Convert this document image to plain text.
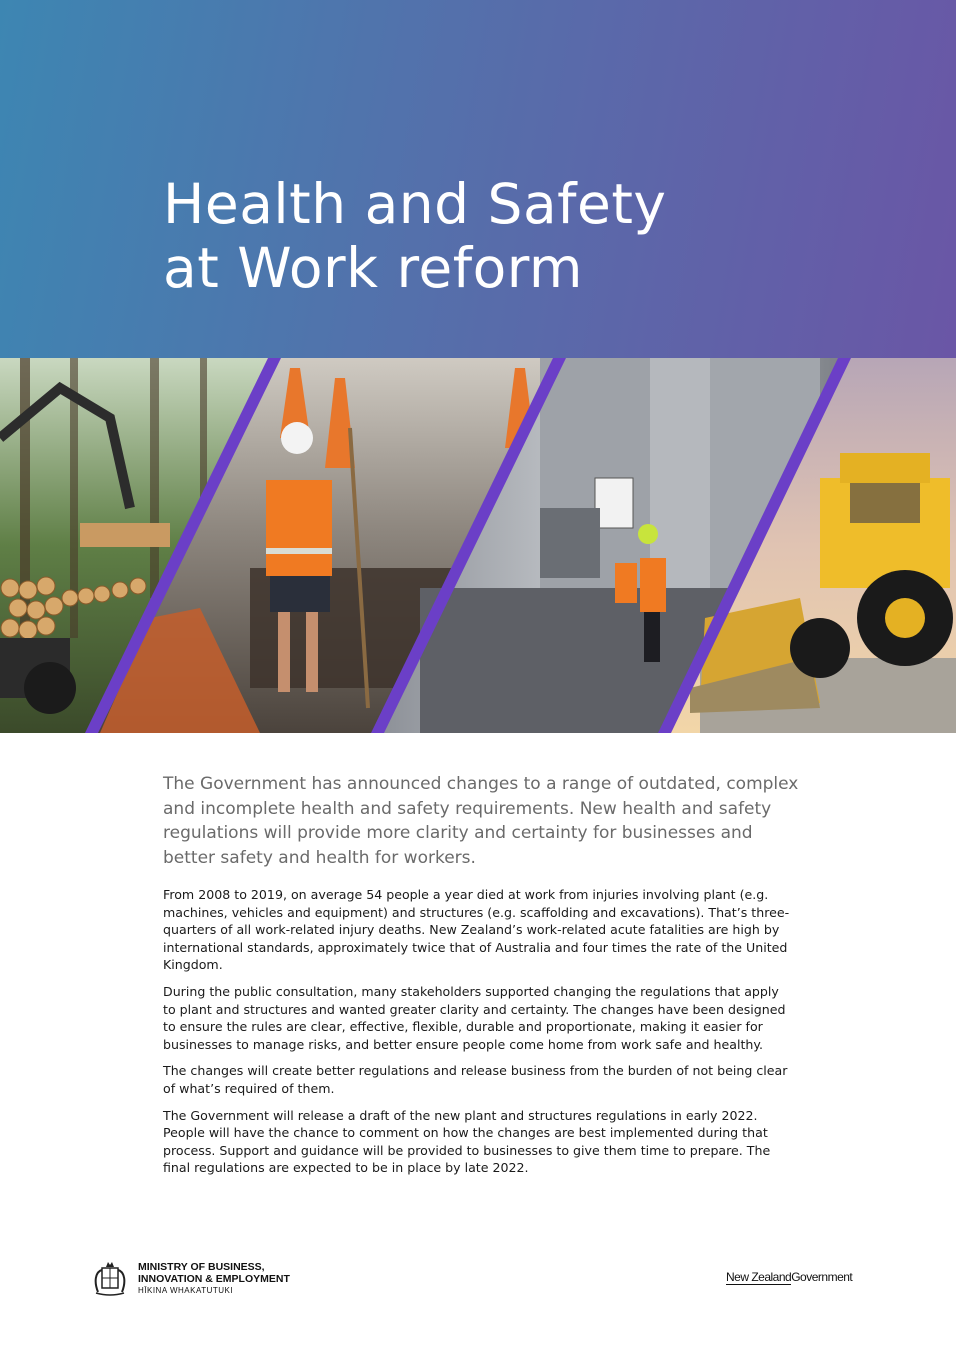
Health and Safety
at Work reform

The Government has announced changes to a range of outdated, complex and incomplete health and safety requirements. New health and safety regulations will provide more clarity and certainty for businesses and better safety and health for workers.

From 2008 to 2019, on average 54 people a year died at work from injuries involving plant (e.g. machines, vehicles and equipment) and structures (e.g. scaffolding and excavations). That’s three-quarters of all work-related injury deaths. New Zealand’s work-related acute fatalities are high by international standards, approximately twice that of Australia and four times the rate of the United Kingdom.

During the public consultation, many stakeholders supported changing the regulations that apply to plant and structures and wanted greater clarity and certainty. The changes have been designed to ensure the rules are clear, effective, flexible, durable and proportionate, making it easier for businesses to manage risks, and better ensure people come home from work safe and healthy.

The changes will create better regulations and release business from the burden of not being clear of what’s required of them.

The Government will release a draft of the new plant and structures regulations in early 2022. People will have the chance to comment on how the changes are best implemented during that process. Support and guidance will be provided to businesses to give them time to prepare. The final regulations are expected to be in place by late 2022.

MINISTRY OF BUSINESS,
INNOVATION & EMPLOYMENT
HĪKINA WHAKATUTUKI
New ZealandGovernment
